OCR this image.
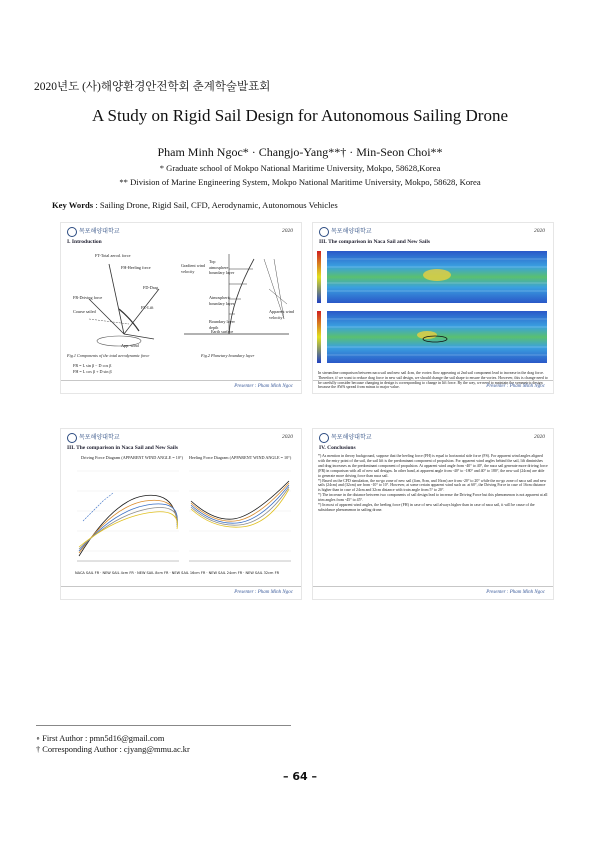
2020년도 (사)해양환경안전학회 춘계학술발표회
A Study on Rigid Sail Design for Autonomous Sailing Drone
Pham Minh Ngoc* · Changjo-Yang**† · Min-Seon Choi**
* Graduate school of Mokpo National Maritime University, Mokpo, 58628,Korea
** Division of Marine Engineering System, Mokpo National Maritime University, Mokpo, 58628, Korea
Key Words : Sailing Drone, Rigid Sail, CFD, Aerodynamic, Autonomous Vehicles
목포해양대학교	2020
I. Introduction
FT-Total aerod. force
FH-Heeling force
FD-Drag
FL-Lift
FR-Driving force
Course sailed
App. wind
Fig.1 Components of the total aerodynamic force
FR = L sin β − D cos β
FH = L cos β + D sin β
Gradient wind velocity
Top atmosphere boundary layer
Atmospheric boundary layer
Boundary layer depth
Earth surface
Apparent wind velocity
Fig.2 Planetary boundary layer
Presenter : Pham Minh Ngoc
목포해양대학교	2020
III. The comparison in Naca Sail and New Sails
In streamline comparison between naca sail and new sail 4cm, the vortex flow appearing at 2nd sail component lead to increase in the drag force. Therefore, if we want to reduce drag force in new sail design, we should change the sail shape to ensure the vortex. However, this is change need to be carefully consider because changing in design is corresponding to change in lift force. By the way, we need to maintain the symmetric design because the AWA spread from minus to major value.	Presenter : Pham Minh Ngoc
목포해양대학교	2020
III. The comparison in Naca Sail and New Sails
Driving Force Diagram (APPARENT WIND ANGLE = 10°) Heeling Force Diagram (APPARENT WIND ANGLE = 10°)
NACA SAIL FR · NEW SAIL 4cm FR · NEW SAIL 8cm FR · NEW SAIL 16cm FR · NEW SAIL 24cm FR · NEW SAIL 32cm FR
Presenter : Pham Minh Ngoc
목포해양대학교	2020
IV. Conclusions
*) As mention in theory background, suppose that the heeling force (FH) is equal to horizontal side force (FS). For apparent wind angles aligned with the entry point of the sail, the sail lift is the predominant component of propulsion. For apparent wind angles behind the sail, lift diminishes and drag increases as the predominant component of propulsion. At apparent wind angle from -40° to 40°, the naca sail generate more driving force (FR) in comparison with all of new sail designs. In other hand, at apparent angle from -40° to -180° and 40° to 180°, the new sail (24cm) are able to generate more driving force than naca sail.
*) Based on the CFD simulation, the no-go zone of new sail (4cm, 8cm, and 16cm) are from -20° to 20° while the no-go zone of naca sail and new sails (24cm) and (32cm) are from -10° to 10°. However, at some certain apparent wind such as: at 60°, the Driving Force in case of 16cm distance is higher than in case of 24cm and 32cm distance with train angle from 5° to 20°.
*) The increase in the distance between two components of sail design lead to increase the Driving Force but this phenomenon is not apparent at all trim angles from -45° to 45°.
*) In most of apparent wind angles, the heeling force (FH) in case of new sail always higher than in case of naca sail, it will be cause of the subsidance phenomenon in sailing drone.
Presenter : Pham Minh Ngoc
∘ First Author : pmn5d16@gmail.com
† Corresponding Author : cjyang@mmu.ac.kr
– 64 –
